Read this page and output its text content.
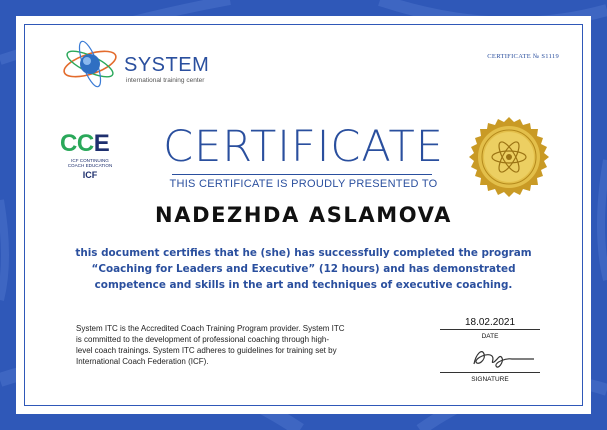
SYSTEM
international training center
CERTIFICATE № S1119
CCE
ICF CONTINUING
COACH EDUCATION
ICF
CERTIFICATE
THIS CERTIFICATE IS PROUDLY PRESENTED TO
NADEZHDA ASLAMOVA
this document certifies that he (she) has successfully completed the program
“Coaching for Leaders and Executive” (12 hours) and has demonstrated
competence and skills in the art and techniques of executive coaching.
System ITC is the Accredited Coach Training Program provider. System ITC
is committed to the development of professional coaching through high-
level coach trainings. System ITC adheres to guidelines for training set by
International Coach Federation (ICF).
18.02.2021
DATE
SIGNATURE
